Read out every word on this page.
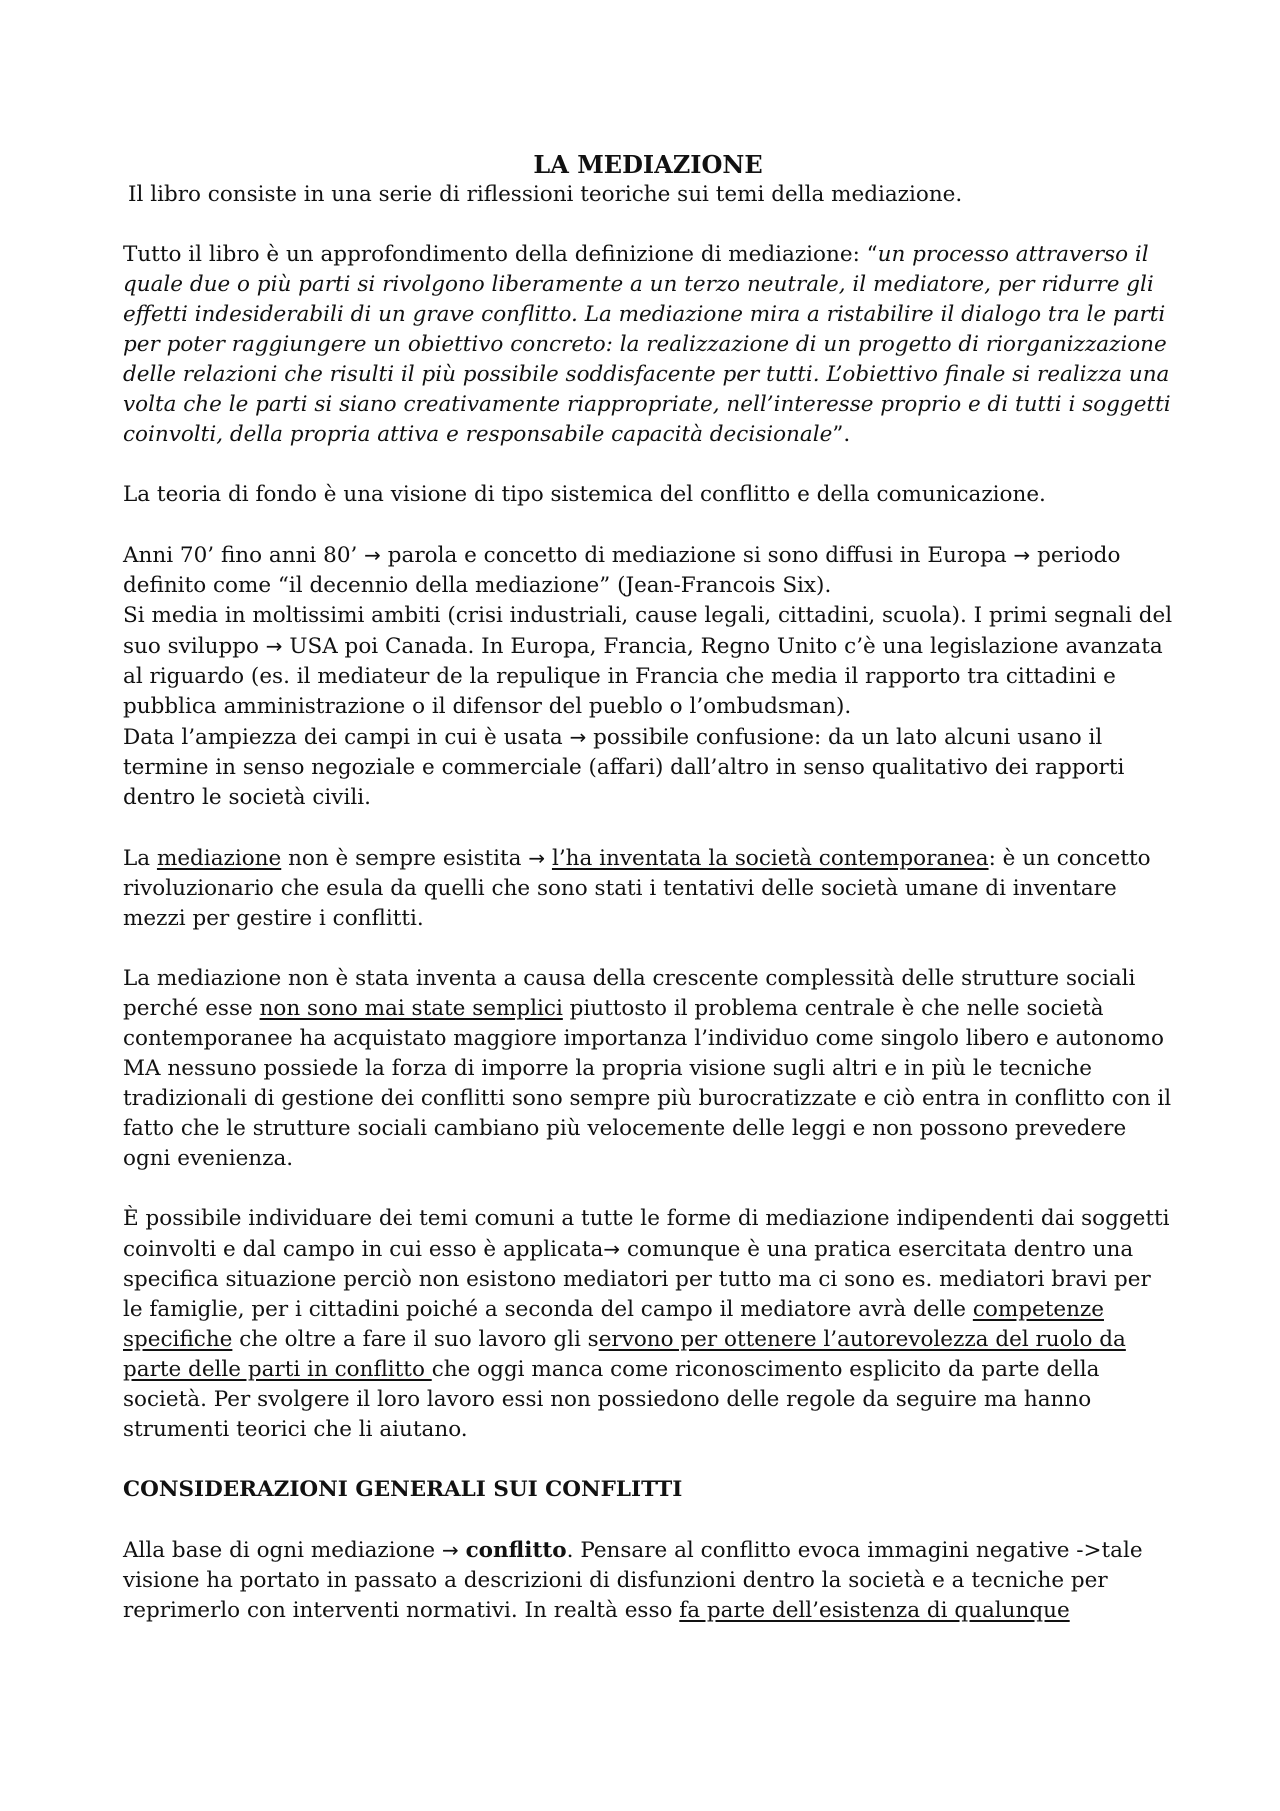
LA MEDIAZIONE

Il libro consiste in una serie di riflessioni teoriche sui temi della mediazione.

Tutto il libro è un approfondimento della definizione di mediazione: “un processo attraverso il quale due o più parti si rivolgono liberamente a un terzo neutrale, il mediatore, per ridurre gli effetti indesiderabili di un grave conflitto. La mediazione mira a ristabilire il dialogo tra le parti per poter raggiungere un obiettivo concreto: la realizzazione di un progetto di riorganizzazione delle relazioni che risulti il più possibile soddisfacente per tutti. L’obiettivo finale si realizza una volta che le parti si siano creativamente riappropriate, nell’interesse proprio e di tutti i soggetti coinvolti, della propria attiva e responsabile capacità decisionale”.

La teoria di fondo è una visione di tipo sistemica del conflitto e della comunicazione.

Anni 70’ fino anni 80’ → parola e concetto di mediazione si sono diffusi in Europa → periodo definito come “il decennio della mediazione” (Jean-Francois Six).
Si media in moltissimi ambiti (crisi industriali, cause legali, cittadini, scuola). I primi segnali del suo sviluppo → USA poi Canada. In Europa, Francia, Regno Unito c’è una legislazione avanzata al riguardo (es. il mediateur de la repulique in Francia che media il rapporto tra cittadini e pubblica amministrazione o il difensor del pueblo o l’ombudsman).
Data l’ampiezza dei campi in cui è usata → possibile confusione: da un lato alcuni usano il termine in senso negoziale e commerciale (affari) dall’altro in senso qualitativo dei rapporti dentro le società civili.

La mediazione non è sempre esistita → l’ha inventata la società contemporanea: è un concetto rivoluzionario che esula da quelli che sono stati i tentativi delle società umane di inventare mezzi per gestire i conflitti.

La mediazione non è stata inventa a causa della crescente complessità delle strutture sociali perché esse non sono mai state semplici piuttosto il problema centrale è che nelle società contemporanee ha acquistato maggiore importanza l’individuo come singolo libero e autonomo MA nessuno possiede la forza di imporre la propria visione sugli altri e in più le tecniche tradizionali di gestione dei conflitti sono sempre più burocratizzate e ciò entra in conflitto con il fatto che le strutture sociali cambiano più velocemente delle leggi e non possono prevedere ogni evenienza.

È possibile individuare dei temi comuni a tutte le forme di mediazione indipendenti dai soggetti coinvolti e dal campo in cui esso è applicata→ comunque è una pratica esercitata dentro una specifica situazione perciò non esistono mediatori per tutto ma ci sono es. mediatori bravi per le famiglie, per i cittadini poiché a seconda del campo il mediatore avrà delle competenze specifiche che oltre a fare il suo lavoro gli servono per ottenere l’autorevolezza del ruolo da parte delle parti in conflitto che oggi manca come riconoscimento esplicito da parte della società. Per svolgere il loro lavoro essi non possiedono delle regole da seguire ma hanno strumenti teorici che li aiutano.

CONSIDERAZIONI GENERALI SUI CONFLITTI

Alla base di ogni mediazione → conflitto. Pensare al conflitto evoca immagini negative ->tale visione ha portato in passato a descrizioni di disfunzioni dentro la società e a tecniche per reprimerlo con interventi normativi. In realtà esso fa parte dell’esistenza di qualunque
